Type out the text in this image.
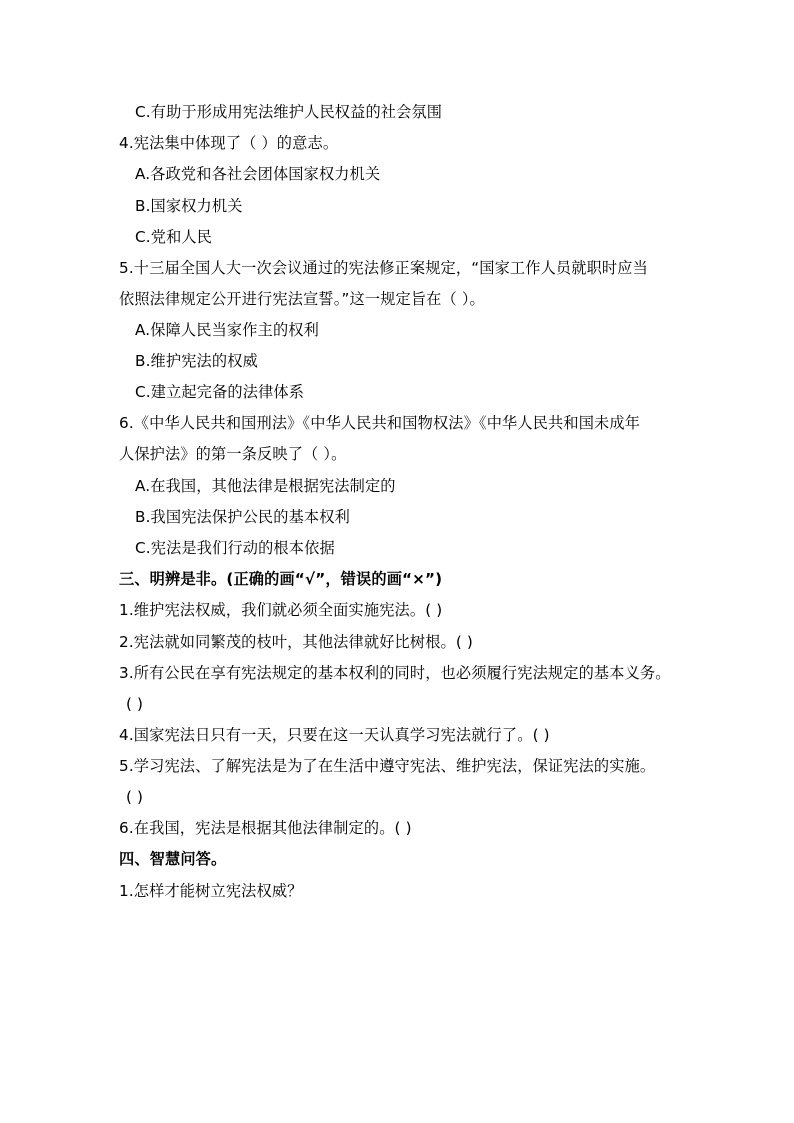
C.有助于形成用宪法维护人民权益的社会氛围
4.宪法集中体现了（ ）的意志。
A.各政党和各社会团体国家权力机关
B.国家权力机关
C.党和人民
5.十三届全国人大一次会议通过的宪法修正案规定，“国家工作人员就职时应当
依照法律规定公开进行宪法宣誓。”这一规定旨在（ ）。
A.保障人民当家作主的权利
B.维护宪法的权威
C.建立起完备的法律体系
6.《中华人民共和国刑法》《中华人民共和国物权法》《中华人民共和国未成年
人保护法》的第一条反映了（ ）。
A.在我国，其他法律是根据宪法制定的
B.我国宪法保护公民的基本权利
C.宪法是我们行动的根本依据
三、明辨是非。(正确的画“√”，错误的画“×”)
1.维护宪法权威，我们就必须全面实施宪法。( )
2.宪法就如同繁茂的枝叶，其他法律就好比树根。( )
3.所有公民在享有宪法规定的基本权利的同时，也必须履行宪法规定的基本义务。
( )
4.国家宪法日只有一天，只要在这一天认真学习宪法就行了。( )
5.学习宪法、了解宪法是为了在生活中遵守宪法、维护宪法，保证宪法的实施。
( )
6.在我国，宪法是根据其他法律制定的。( )
四、智慧问答。
1.怎样才能树立宪法权威？
